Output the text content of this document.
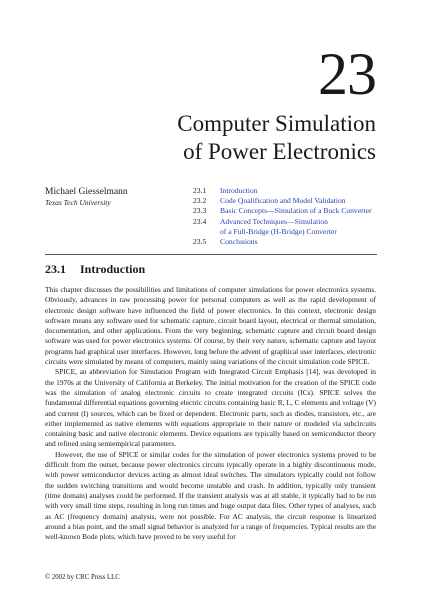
23
Computer Simulation
of Power Electronics
Michael Giesselmann
Texas Tech University
23.1	Introduction
23.2	Code Qualification and Model Validation
23.3	Basic Concepts—Simulation of a Buck Converter
23.4	Advanced Techniques—Simulation
of a Full-Bridge (H-Bridge) Converter
23.5	Conclusions
23.1 Introduction

This chapter discusses the possibilities and limitations of computer simulations for power electronics systems. Obviously, advances in raw processing power for personal computers as well as the rapid development of electronic design software have influenced the field of power electronics. In this context, electronic design software means any software used for schematic capture, circuit board layout, electrical or thermal simulation, documentation, and other applications. From the very beginning, schematic capture and circuit board design software was used for power electronics systems. Of course, by their very nature, schematic capture and layout programs had graphical user interfaces. However, long before the advent of graphical user interfaces, electronic circuits were simulated by means of computers, mainly using variations of the circuit simulation code SPICE.

SPICE, an abbreviation for Simulation Program with Integrated Circuit Emphasis [14], was developed in the 1970s at the University of California at Berkeley. The initial motivation for the creation of the SPICE code was the simulation of analog electronic circuits to create integrated circuits (ICs). SPICE solves the fundamental differential equations governing electric circuits containing basic R, L, C elements and voltage (V) and current (I) sources, which can be fixed or dependent. Electronic parts, such as diodes, transistors, etc., are either implemented as native elements with equations appropriate to their nature or modeled via subcircuits containing basic and native electronic elements. Device equations are typically based on semiconductor theory and refined using semiempirical parameters.

However, the use of SPICE or similar codes for the simulation of power electronics systems proved to be difficult from the outset, because power electronics circuits typically operate in a highly discontinuous mode, with power semiconductor devices acting as almost ideal switches. The simulators typically could not follow the sudden switching transitions and would become unstable and crash. In addition, typically only transient (time domain) analyses could be performed. If the transient analysis was at all stable, it typically had to be run with very small time steps, resulting in long run times and huge output data files. Other types of analyses, such as AC (frequency domain) analysis, were not possible. For AC analysis, the circuit response is linearized around a bias point, and the small signal behavior is analyzed for a range of frequencies. Typical results are the well-known Bode plots, which have proved to be very useful for

© 2002 by CRC Press LLC
